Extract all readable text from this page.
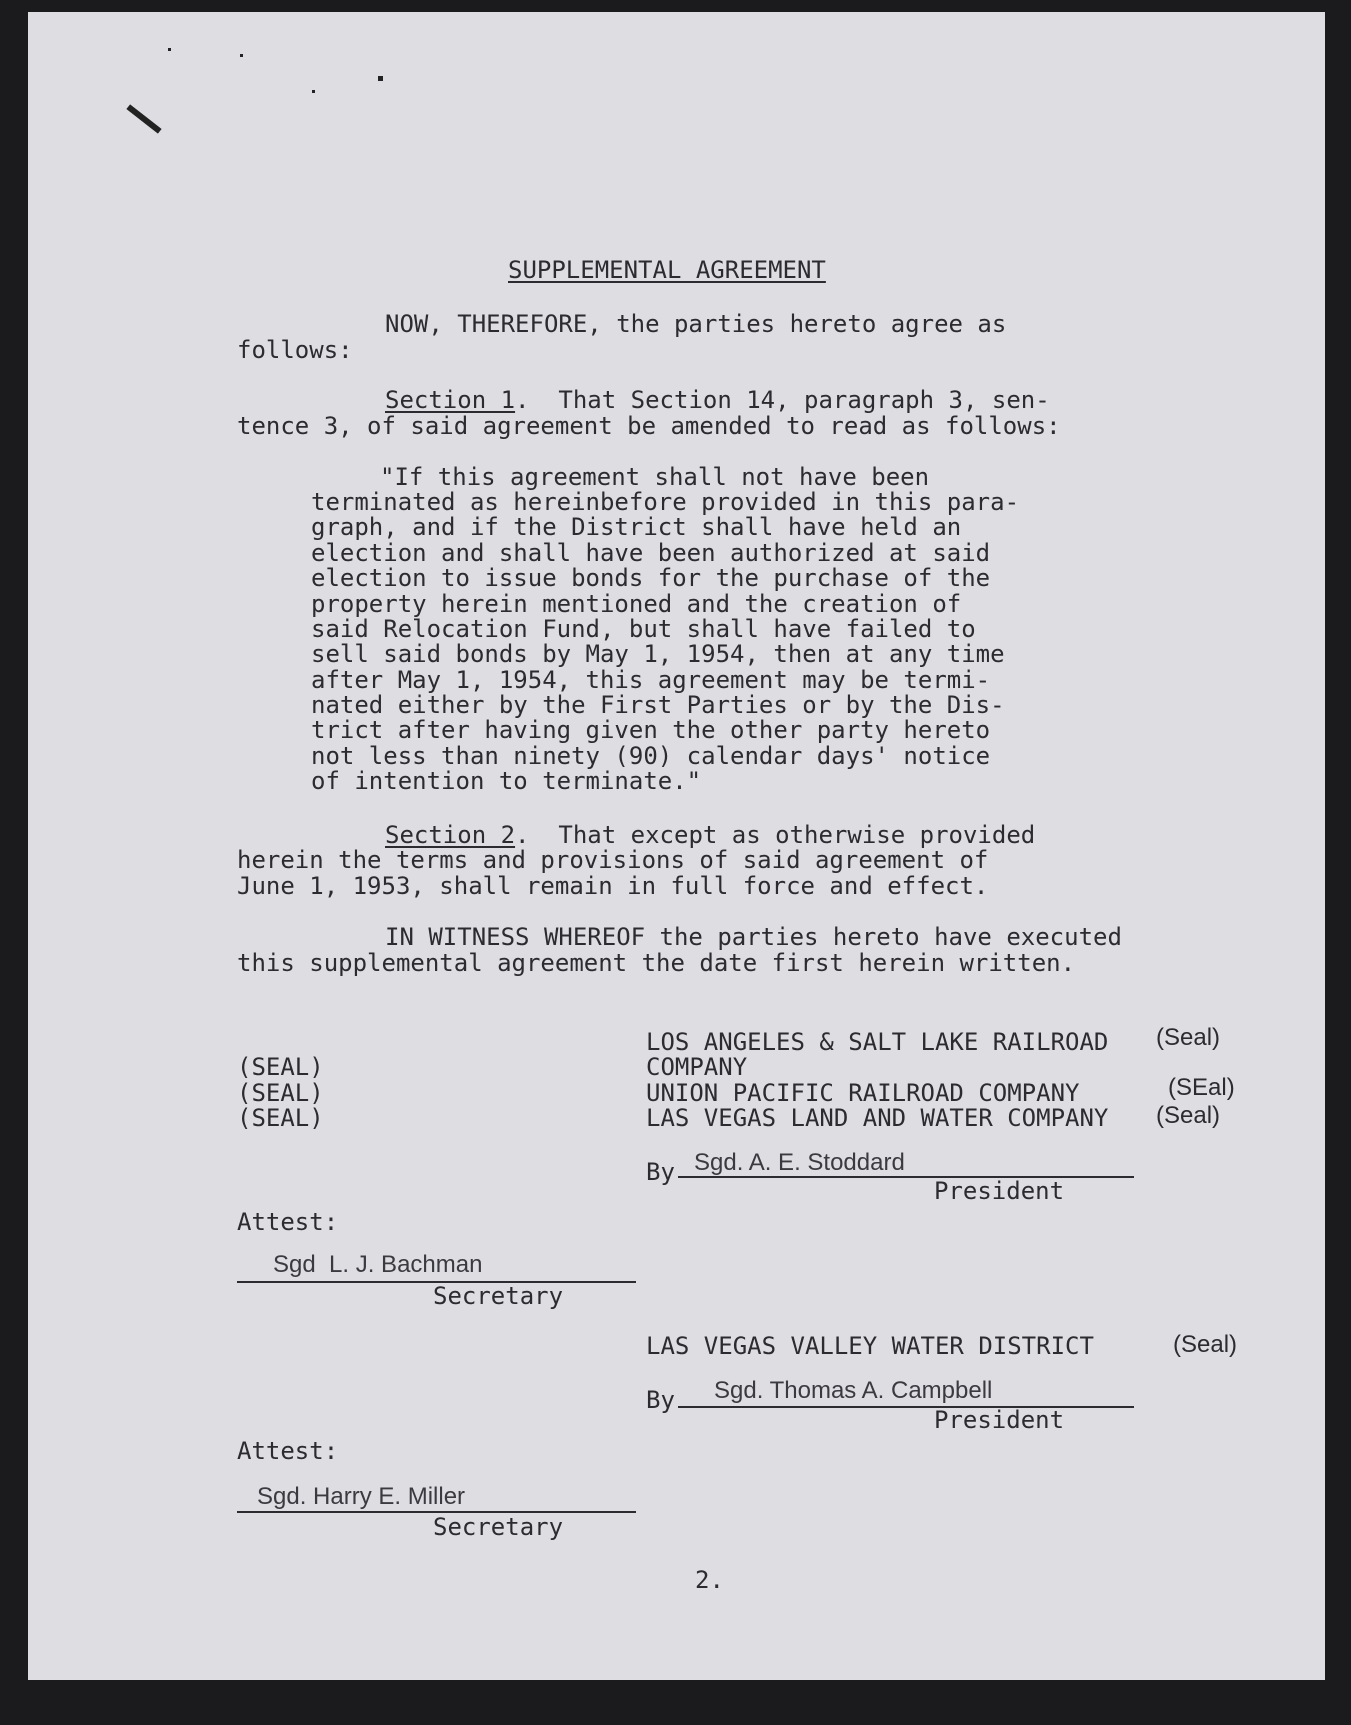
SUPPLEMENTAL AGREEMENT
NOW, THEREFORE, the parties hereto agree as
follows:
Section 1.  That Section 14, paragraph 3, sen-
tence 3, of said agreement be amended to read as follows:
"If this agreement shall not have been
terminated as hereinbefore provided in this para-
graph, and if the District shall have held an
election and shall have been authorized at said
election to issue bonds for the purchase of the
property herein mentioned and the creation of
said Relocation Fund, but shall have failed to
sell said bonds by May 1, 1954, then at any time
after May 1, 1954, this agreement may be termi-
nated either by the First Parties or by the Dis-
trict after having given the other party hereto
not less than ninety (90) calendar days' notice
of intention to terminate."
Section 2.  That except as otherwise provided
herein the terms and provisions of said agreement of
June 1, 1953, shall remain in full force and effect.
IN WITNESS WHEREOF the parties hereto have executed
this supplemental agreement the date first herein written.
(SEAL)
(SEAL)
(SEAL)
LOS ANGELES & SALT LAKE RAILROAD (Seal)
COMPANY
UNION PACIFIC RAILROAD COMPANY	(SEal)
LAS VEGAS LAND AND WATER COMPANY (Seal)
By Sgd. A. E. Stoddard
President
Attest:
Sgd  L. J. Bachman
Secretary
LAS VEGAS VALLEY WATER DISTRICT	(Seal)
By	Sgd. Thomas A. Campbell
President
Attest:
Sgd. Harry E. Miller
Secretary
2.
